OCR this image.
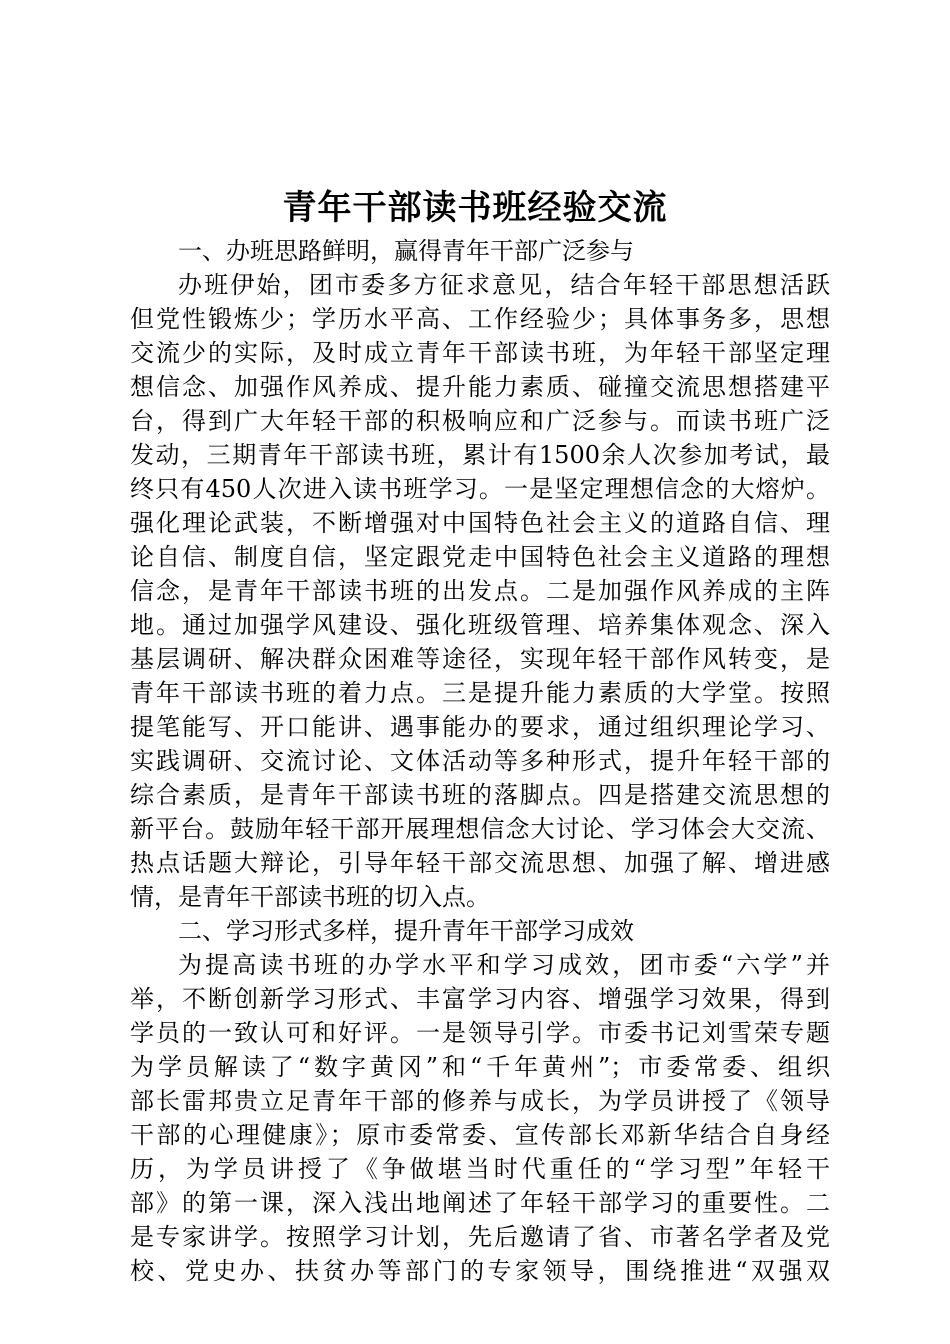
青年干部读书班经验交流
一、办班思路鲜明，赢得青年干部广泛参与
办班伊始，团市委多方征求意见，结合年轻干部思想活跃
但党性锻炼少；学历水平高、工作经验少；具体事务多，思想
交流少的实际，及时成立青年干部读书班，为年轻干部坚定理
想信念、加强作风养成、提升能力素质、碰撞交流思想搭建平
台，得到广大年轻干部的积极响应和广泛参与。而读书班广泛
发动，三期青年干部读书班，累计有1500余人次参加考试，最
终只有450人次进入读书班学习。一是坚定理想信念的大熔炉。
强化理论武装，不断增强对中国特色社会主义的道路自信、理
论自信、制度自信，坚定跟党走中国特色社会主义道路的理想
信念，是青年干部读书班的出发点。二是加强作风养成的主阵
地。通过加强学风建设、强化班级管理、培养集体观念、深入
基层调研、解决群众困难等途径，实现年轻干部作风转变，是
青年干部读书班的着力点。三是提升能力素质的大学堂。按照
提笔能写、开口能讲、遇事能办的要求，通过组织理论学习、
实践调研、交流讨论、文体活动等多种形式，提升年轻干部的
综合素质，是青年干部读书班的落脚点。四是搭建交流思想的
新平台。鼓励年轻干部开展理想信念大讨论、学习体会大交流、
热点话题大辩论，引导年轻干部交流思想、加强了解、增进感
情，是青年干部读书班的切入点。
二、学习形式多样，提升青年干部学习成效
为提高读书班的办学水平和学习成效，团市委“六学”并
举，不断创新学习形式、丰富学习内容、增强学习效果，得到
学员的一致认可和好评。一是领导引学。市委书记刘雪荣专题
为学员解读了“数字黄冈”和“千年黄州”；市委常委、组织
部长雷邦贵立足青年干部的修养与成长，为学员讲授了《领导
干部的心理健康》；原市委常委、宣传部长邓新华结合自身经
历，为学员讲授了《争做堪当时代重任的“学习型”年轻干
部》的第一课，深入浅出地阐述了年轻干部学习的重要性。二
是专家讲学。按照学习计划，先后邀请了省、市著名学者及党
校、党史办、扶贫办等部门的专家领导，围绕推进“双强双
